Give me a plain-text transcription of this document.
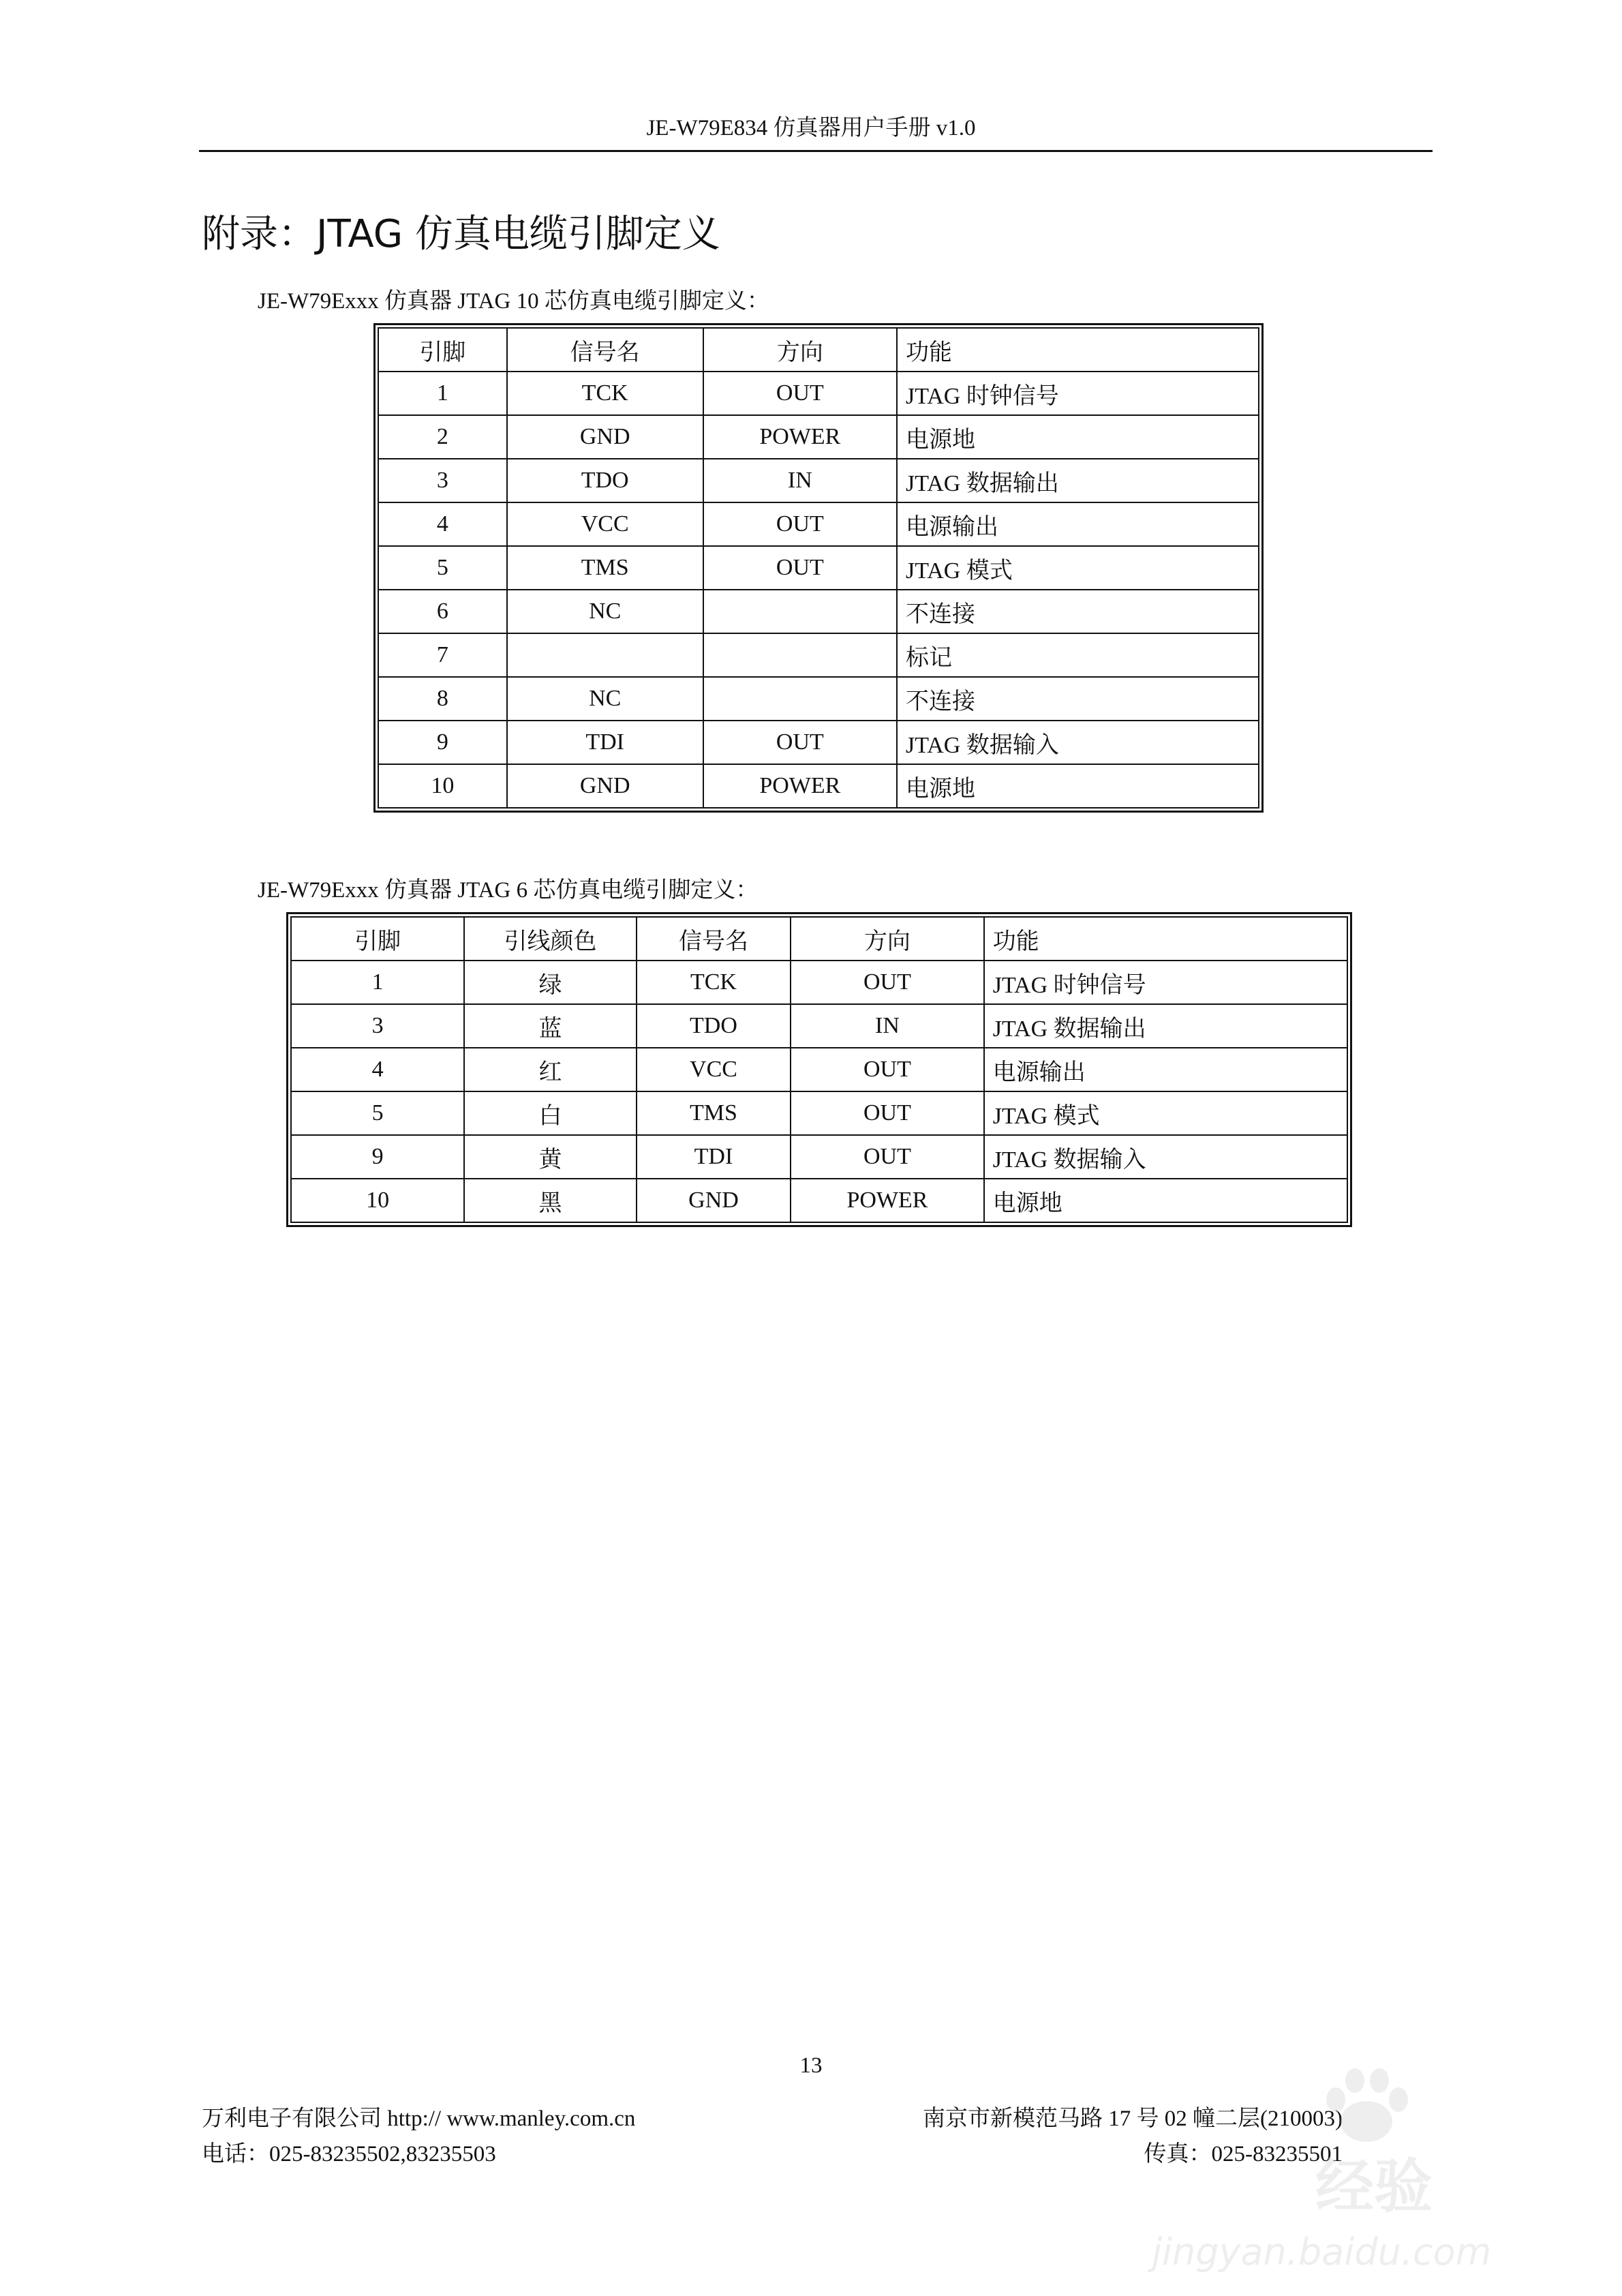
JE-W79E834 仿真器用户手册 v1.0
附录：JTAG 仿真电缆引脚定义
JE-W79Exxx 仿真器 JTAG 10 芯仿真电缆引脚定义：
引脚	信号名	方向	功能
1	TCK	OUT	JTAG 时钟信号
2	GND	POWER	电源地
3	TDO	IN	JTAG 数据输出
4	VCC	OUT	电源输出
5	TMS	OUT	JTAG 模式
6	NC		不连接
7			标记
8	NC		不连接
9	TDI	OUT	JTAG 数据输入
10	GND	POWER	电源地
JE-W79Exxx 仿真器 JTAG 6 芯仿真电缆引脚定义：
引脚	引线颜色	信号名	方向	功能
1	绿	TCK	OUT	JTAG 时钟信号
3	蓝	TDO	IN	JTAG 数据输出
4	红	VCC	OUT	电源输出
5	白	TMS	OUT	JTAG 模式
9	黄	TDI	OUT	JTAG 数据输入
10	黑	GND	POWER	电源地
13
万利电子有限公司 http:// www.manley.com.cn
电话：025-83235502,83235503
南京市新模范马路 17 号 02 幢二层(210003)
传真：025-83235501
经验
jingyan.baidu.com
